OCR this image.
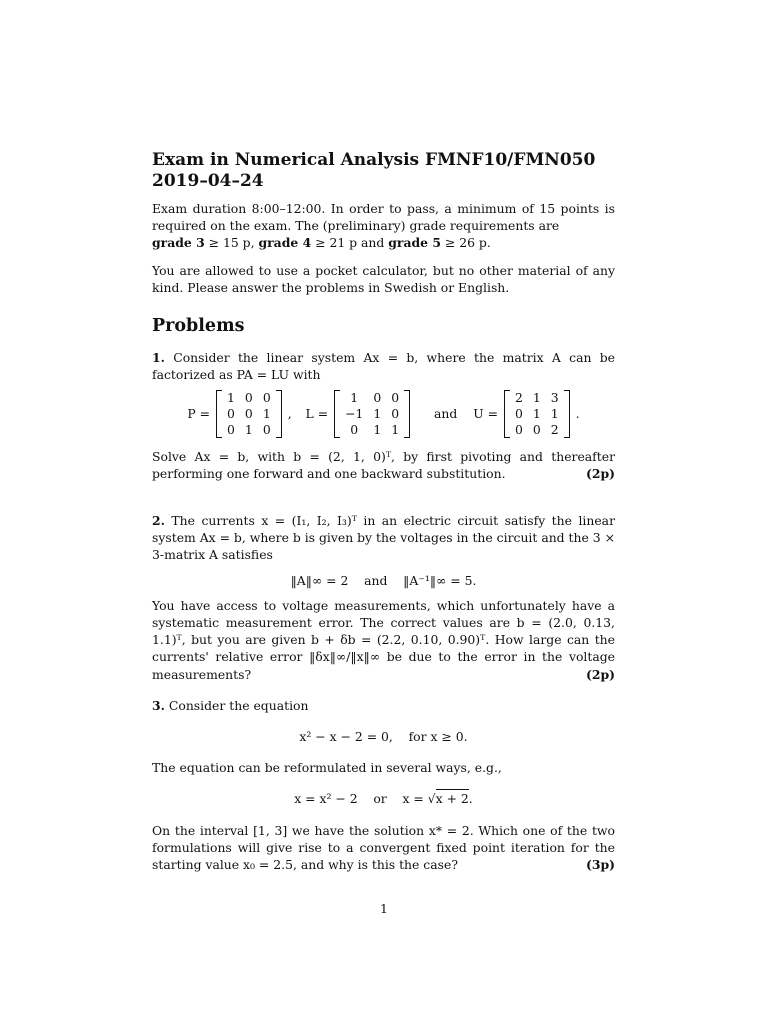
Exam in Numerical Analysis FMNF10/FMN050
2019–04–24

Exam duration 8:00–12:00. In order to pass, a minimum of 15 points is required on the exam. The (preliminary) grade requirements are
grade 3 ≥ 15 p, grade 4 ≥ 21 p and grade 5 ≥ 26 p.

You are allowed to use a pocket calculator, but no other material of any kind. Please answer the problems in Swedish or English.

Problems

1. Consider the linear system Ax = b, where the matrix A can be factorized as PA = LU with

P =
1	0	0
0	0	1
0	1	0
, L =
1	0	0
−1	1	0
0	1	1

and
U =
2	1	3
0	1	1
0	0	2
.

Solve Ax = b, with b = (2, 1, 0)ᵀ, by first pivoting and thereafter performing one forward and one backward substitution.	(2p)

2. The currents x = (I₁, I₂, I₃)ᵀ in an electric circuit satisfy the linear system Ax = b, where b is given by the voltages in the circuit and the 3 × 3-matrix A satisfies

‖A‖∞ = 2    and    ‖A⁻¹‖∞ = 5.

You have access to voltage measurements, which unfortunately have a systematic measurement error. The correct values are b = (2.0, 0.13, 1.1)ᵀ, but you are given b + δb = (2.2, 0.10, 0.90)ᵀ. How large can the currents' relative error ‖δx‖∞/‖x‖∞ be due to the error in the voltage measurements?	(2p)

3. Consider the equation

x² − x − 2 = 0,    for x ≥ 0.

The equation can be reformulated in several ways, e.g.,

x = x² − 2    or    x = √x + 2.

On the interval [1, 3] we have the solution x* = 2. Which one of the two formulations will give rise to a convergent fixed point iteration for the starting value x₀ = 2.5, and why is this the case?	(3p)

1
